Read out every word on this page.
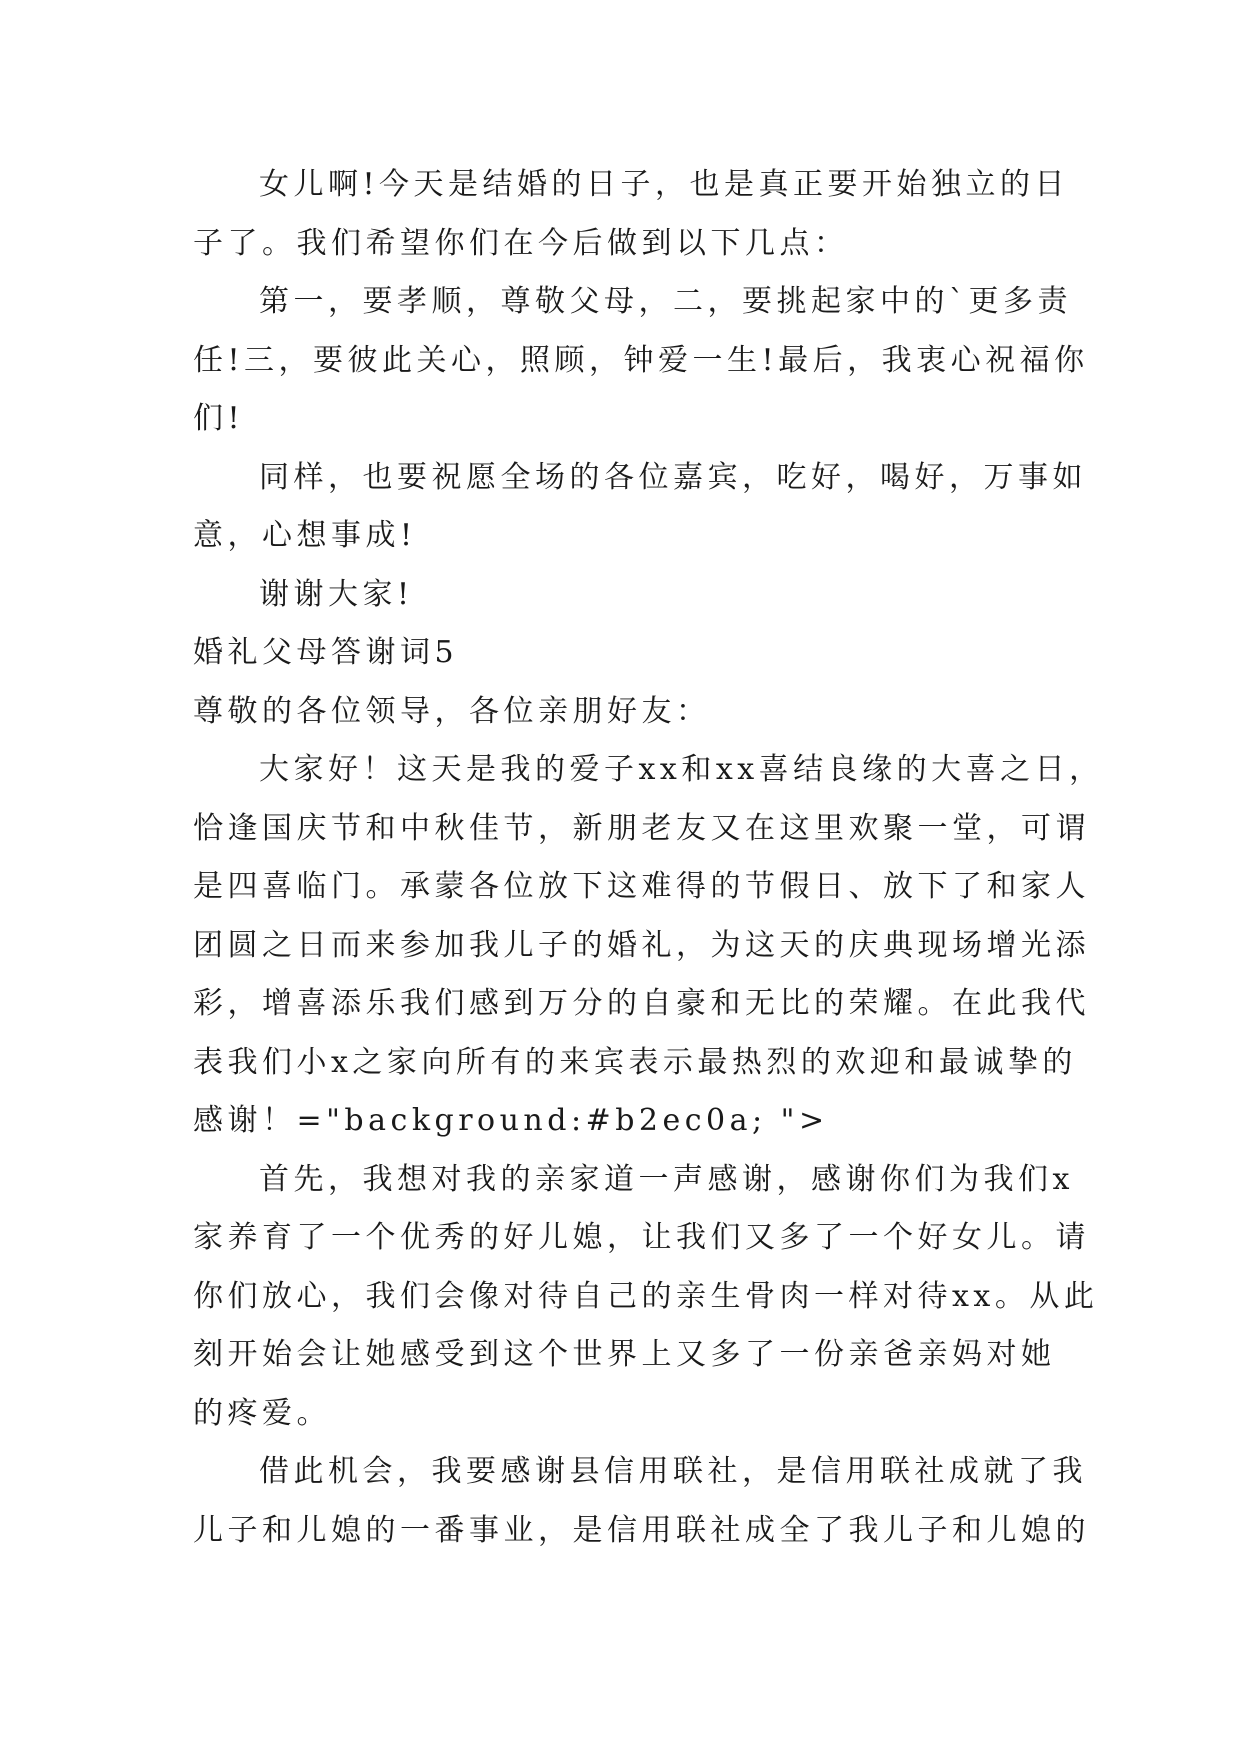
女儿啊!今天是结婚的日子，也是真正要开始独立的日
子了。我们希望你们在今后做到以下几点：
第一，要孝顺，尊敬父母，二，要挑起家中的`更多责
任!三，要彼此关心，照顾，钟爱一生!最后，我衷心祝福你
们!
同样，也要祝愿全场的各位嘉宾，吃好，喝好，万事如
意，心想事成!
谢谢大家!
婚礼父母答谢词5
尊敬的各位领导，各位亲朋好友：
大家好！这天是我的爱子xx和xx喜结良缘的大喜之日，
恰逢国庆节和中秋佳节，新朋老友又在这里欢聚一堂，可谓
是四喜临门。承蒙各位放下这难得的节假日、放下了和家人
团圆之日而来参加我儿子的婚礼，为这天的庆典现场增光添
彩，增喜添乐我们感到万分的自豪和无比的荣耀。在此我代
表我们小x之家向所有的来宾表示最热烈的欢迎和最诚挚的
感谢！="background:#b2ec0a; ">
首先，我想对我的亲家道一声感谢，感谢你们为我们x
家养育了一个优秀的好儿媳，让我们又多了一个好女儿。请
你们放心，我们会像对待自己的亲生骨肉一样对待xx。从此
刻开始会让她感受到这个世界上又多了一份亲爸亲妈对她
的疼爱。
借此机会，我要感谢县信用联社，是信用联社成就了我
儿子和儿媳的一番事业，是信用联社成全了我儿子和儿媳的
